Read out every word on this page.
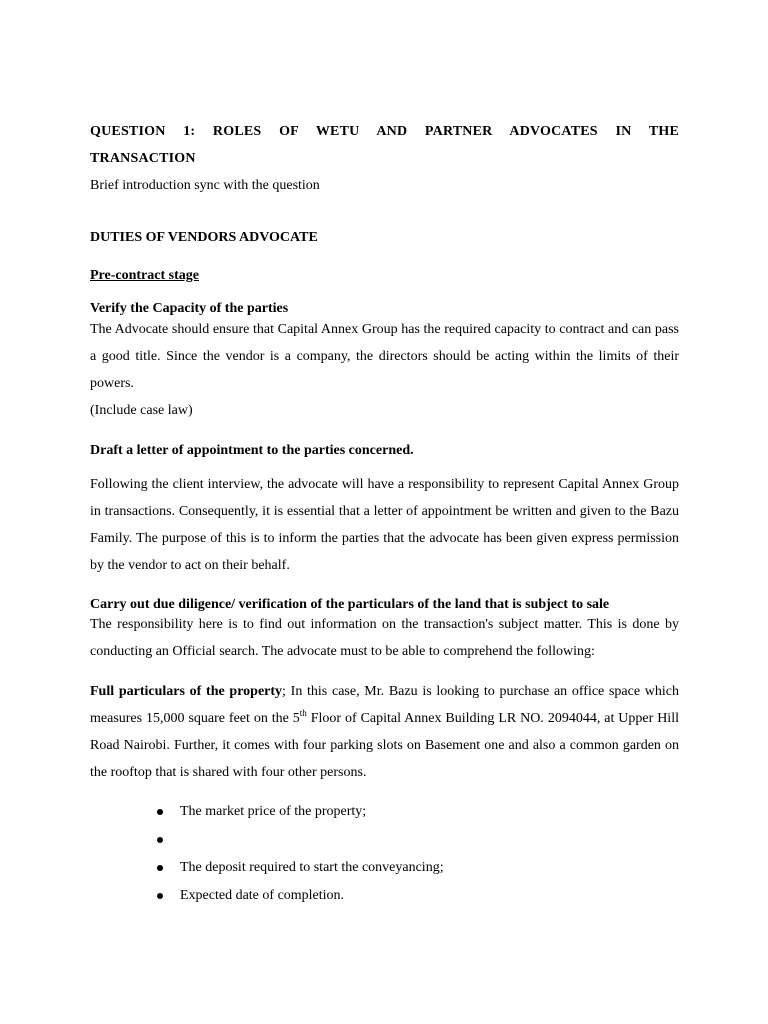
QUESTION 1: ROLES OF WETU AND PARTNER ADVOCATES IN THE
TRANSACTION
Brief introduction sync with the question
DUTIES OF VENDORS ADVOCATE
Pre-contract stage
Verify the Capacity of the parties
The Advocate should ensure that Capital Annex Group has the required capacity to contract and can pass a good title. Since the vendor is a company, the directors should be acting within the limits of their powers.
(Include case law)
Draft a letter of appointment to the parties concerned.
Following the client interview, the advocate will have a responsibility to represent Capital Annex Group in transactions. Consequently, it is essential that a letter of appointment be written and given to the Bazu Family. The purpose of this is to inform the parties that the advocate has been given express permission by the vendor to act on their behalf.
Carry out due diligence/ verification of the particulars of the land that is subject to sale
The responsibility here is to find out information on the transaction's subject matter. This is done by conducting an Official search. The advocate must to be able to comprehend the following:
Full particulars of the property; In this case, Mr. Bazu is looking to purchase an office space which measures 15,000 square feet on the 5th Floor of Capital Annex Building LR NO. 2094044, at Upper Hill Road Nairobi. Further, it comes with four parking slots on Basement one and also a common garden on the rooftop that is shared with four other persons.
The market price of the property;
The deposit required to start the conveyancing;
Expected date of completion.
